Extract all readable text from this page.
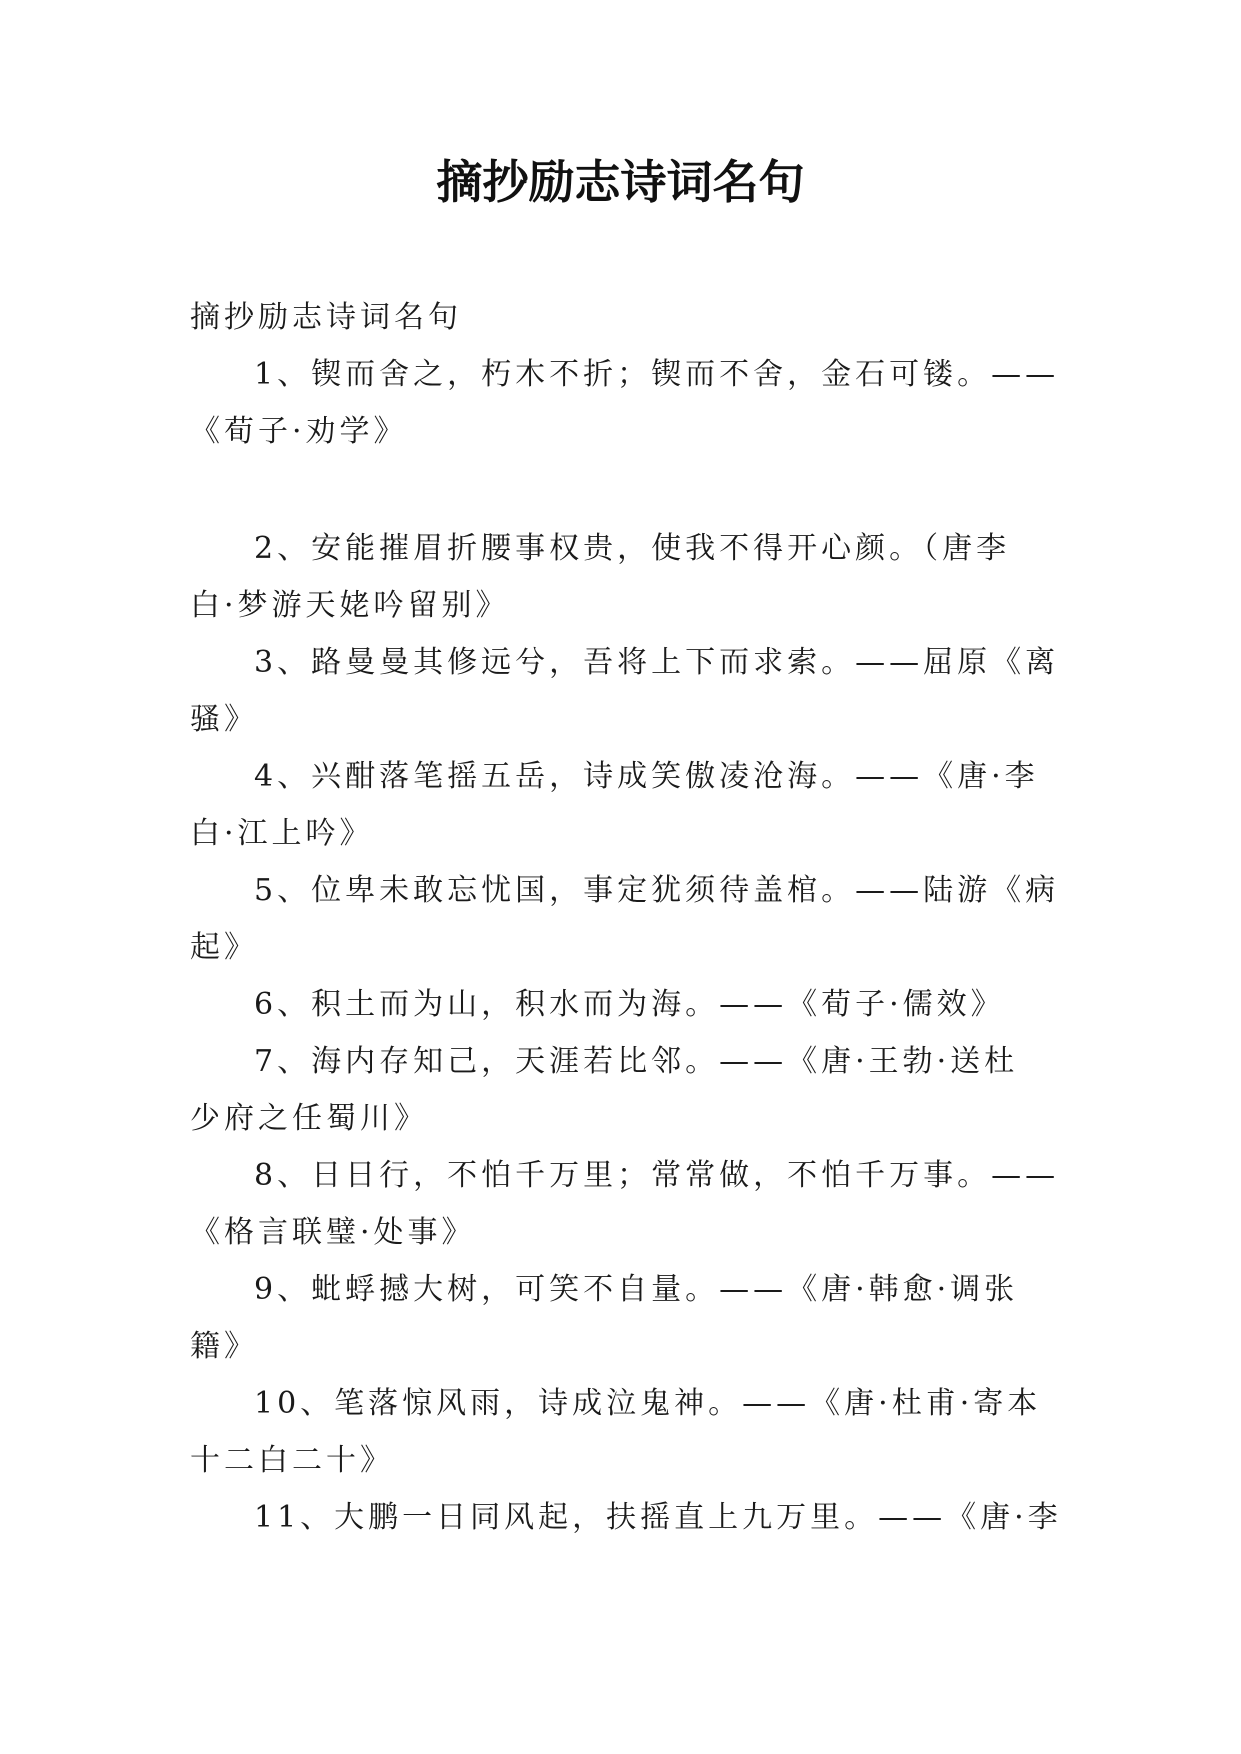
摘抄励志诗词名句
摘抄励志诗词名句
1、锲而舍之，朽木不折；锲而不舍，金石可镂。——
《荀子·劝学》
2、安能摧眉折腰事权贵，使我不得开心颜。（唐李
白·梦游天姥吟留别》
3、路曼曼其修远兮，吾将上下而求索。——屈原《离
骚》
4、兴酣落笔摇五岳，诗成笑傲凌沧海。——《唐·李
白·江上吟》
5、位卑未敢忘忧国，事定犹须待盖棺。——陆游《病
起》
6、积土而为山，积水而为海。——《荀子·儒效》
7、海内存知己，天涯若比邻。——《唐·王勃·送杜
少府之任蜀川》
8、日日行，不怕千万里；常常做，不怕千万事。——
《格言联璧·处事》
9、蚍蜉撼大树，可笑不自量。——《唐·韩愈·调张
籍》
10、笔落惊风雨，诗成泣鬼神。——《唐·杜甫·寄本
十二白二十》
11、大鹏一日同风起，扶摇直上九万里。——《唐·李
